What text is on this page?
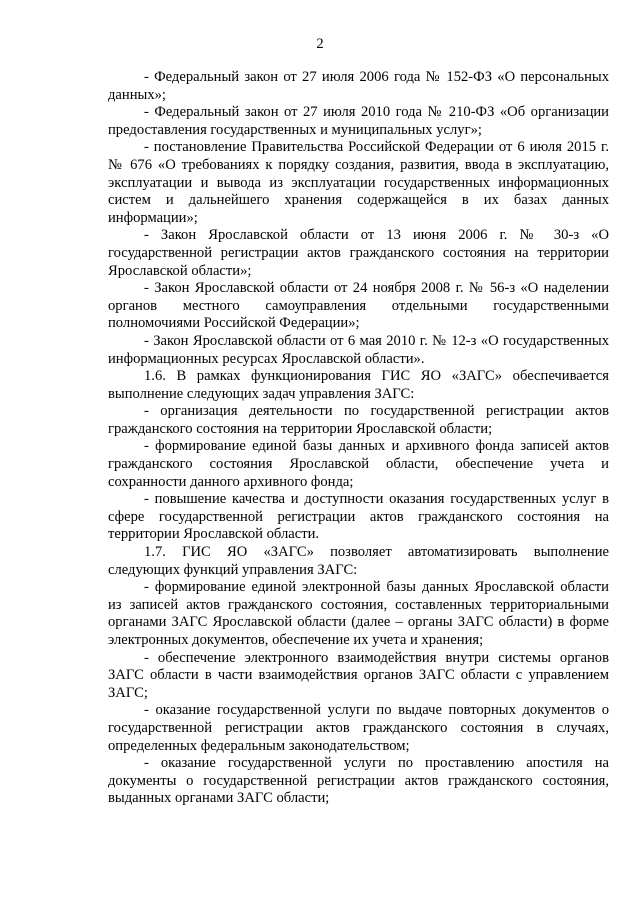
2

- Федеральный закон от 27 июля 2006 года № 152-ФЗ «О персональных данных»;

- Федеральный закон от 27 июля 2010 года № 210-ФЗ «Об организации предоставления государственных и муниципальных услуг»;

- постановление Правительства Российской Федерации от 6 июля 2015 г. № 676 «О требованиях к порядку создания, развития, ввода в эксплуатацию, эксплуатации и вывода из эксплуатации государственных информационных систем и дальнейшего хранения содержащейся в их базах данных информации»;

- Закон Ярославской области от 13 июня 2006 г. № 30-з «О государственной регистрации актов гражданского состояния на территории Ярославской области»;

- Закон Ярославской области от 24 ноября 2008 г. № 56-з «О наделении органов местного самоуправления отдельными государственными полномочиями Российской Федерации»;

- Закон Ярославской области от 6 мая 2010 г. № 12-з «О государственных информационных ресурсах Ярославской области».

1.6. В рамках функционирования ГИС ЯО «ЗАГС» обеспечивается выполнение следующих задач управления ЗАГС:

- организация деятельности по государственной регистрации актов гражданского состояния на территории Ярославской области;

- формирование единой базы данных и архивного фонда записей актов гражданского состояния Ярославской области, обеспечение учета и сохранности данного архивного фонда;

- повышение качества и доступности оказания государственных услуг в сфере государственной регистрации актов гражданского состояния на территории Ярославской области.

1.7. ГИС ЯО «ЗАГС» позволяет автоматизировать выполнение следующих функций управления ЗАГС:

- формирование единой электронной базы данных Ярославской области из записей актов гражданского состояния, составленных территориальными органами ЗАГС Ярославской области (далее – органы ЗАГС области) в форме электронных документов, обеспечение их учета и хранения;

- обеспечение электронного взаимодействия внутри системы органов ЗАГС области в части взаимодействия органов ЗАГС области с управлением ЗАГС;

- оказание государственной услуги по выдаче повторных документов о государственной регистрации актов гражданского состояния в случаях, определенных федеральным законодательством;

- оказание государственной услуги по проставлению апостиля на документы о государственной регистрации актов гражданского состояния, выданных органами ЗАГС области;
